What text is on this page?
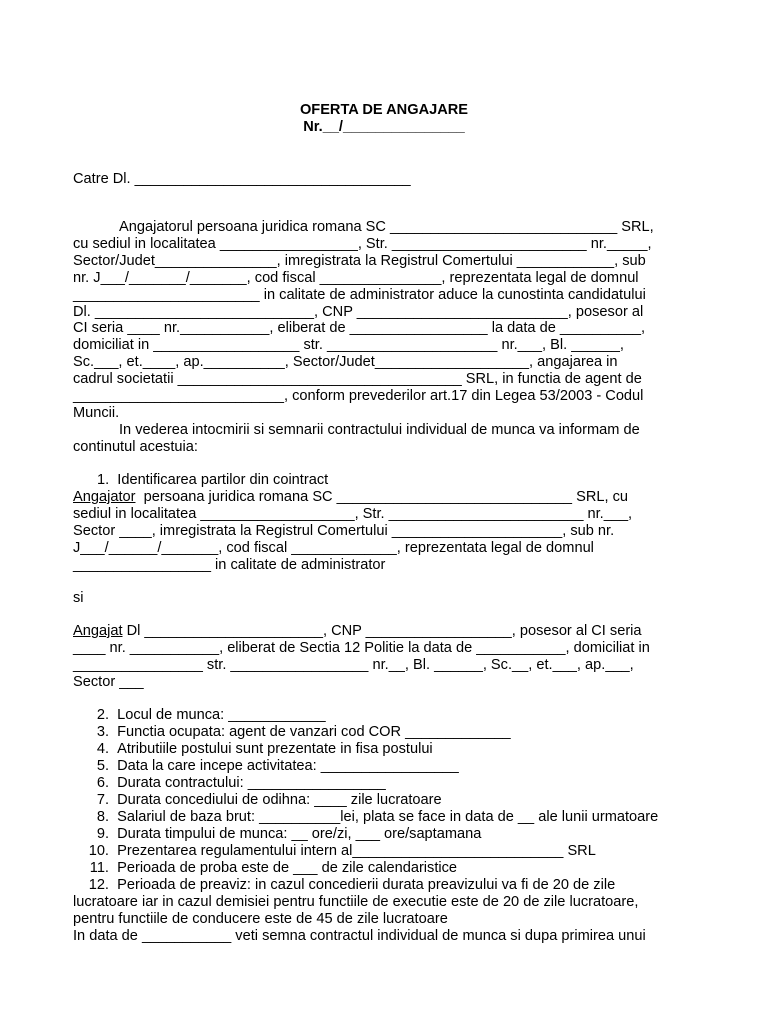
OFERTA DE ANGAJARE
Nr.__/_______________
Catre Dl. __________________________________
Angajatorul persoana juridica romana SC ____________________________ SRL,
cu sediul in localitatea _________________, Str. ________________________ nr._____,
Sector/Judet_______________, imregistrata la Registrul Comertului ____________, sub
nr. J___/_______/_______, cod fiscal _______________, reprezentata legal de domnul
_______________________ in calitate de administrator aduce la cunostinta candidatului
Dl. ___________________________, CNP __________________________, posesor al
CI seria ____ nr.___________, eliberat de _________________ la data de __________,
domiciliat in __________________ str. _____________________ nr.___, Bl. ______,
Sc.___, et.____, ap.__________, Sector/Judet___________________, angajarea in
cadrul societatii ___________________________________ SRL, in functia de agent de
__________________________, conform prevederilor art.17 din Legea 53/2003 - Codul
Muncii.
In vederea intocmirii si semnarii contractului individual de munca va informam de
continutul acestuia:
1. Identificarea partilor din cointract
Angajator persoana juridica romana SC _____________________________ SRL, cu
sediul in localitatea ___________________, Str. ________________________ nr.___,
Sector ____, imregistrata la Registrul Comertului _____________________, sub nr.
J___/______/_______, cod fiscal _____________, reprezentata legal de domnul
_________________ in calitate de administrator
si
Angajat Dl ______________________, CNP __________________, posesor al CI seria
____ nr. ___________, eliberat de Sectia 12 Politie la data de ___________, domiciliat in
________________ str. _________________ nr.__, Bl. ______, Sc.__, et.___, ap.___,
Sector ___
2. Locul de munca: ____________
3. Functia ocupata: agent de vanzari cod COR _____________
4. Atributiile postului sunt prezentate in fisa postului
5. Data la care incepe activitatea: _________________
6. Durata contractului: _________________
7. Durata concediului de odihna: ____ zile lucratoare
8. Salariul de baza brut: __________lei, plata se face in data de __ ale lunii urmatoare
9. Durata timpului de munca: __ ore/zi, ___ ore/saptamana
10. Prezentarea regulamentului intern al__________________________ SRL
11. Perioada de proba este de ___ de zile calendaristice
12. Perioada de preaviz: in cazul concedierii durata preavizului va fi de 20 de zile
lucratoare iar in cazul demisiei pentru functiile de executie este de 20 de zile lucratoare,
pentru functiile de conducere este de 45 de zile lucratoare
In data de ___________ veti semna contractul individual de munca si dupa primirea unui
